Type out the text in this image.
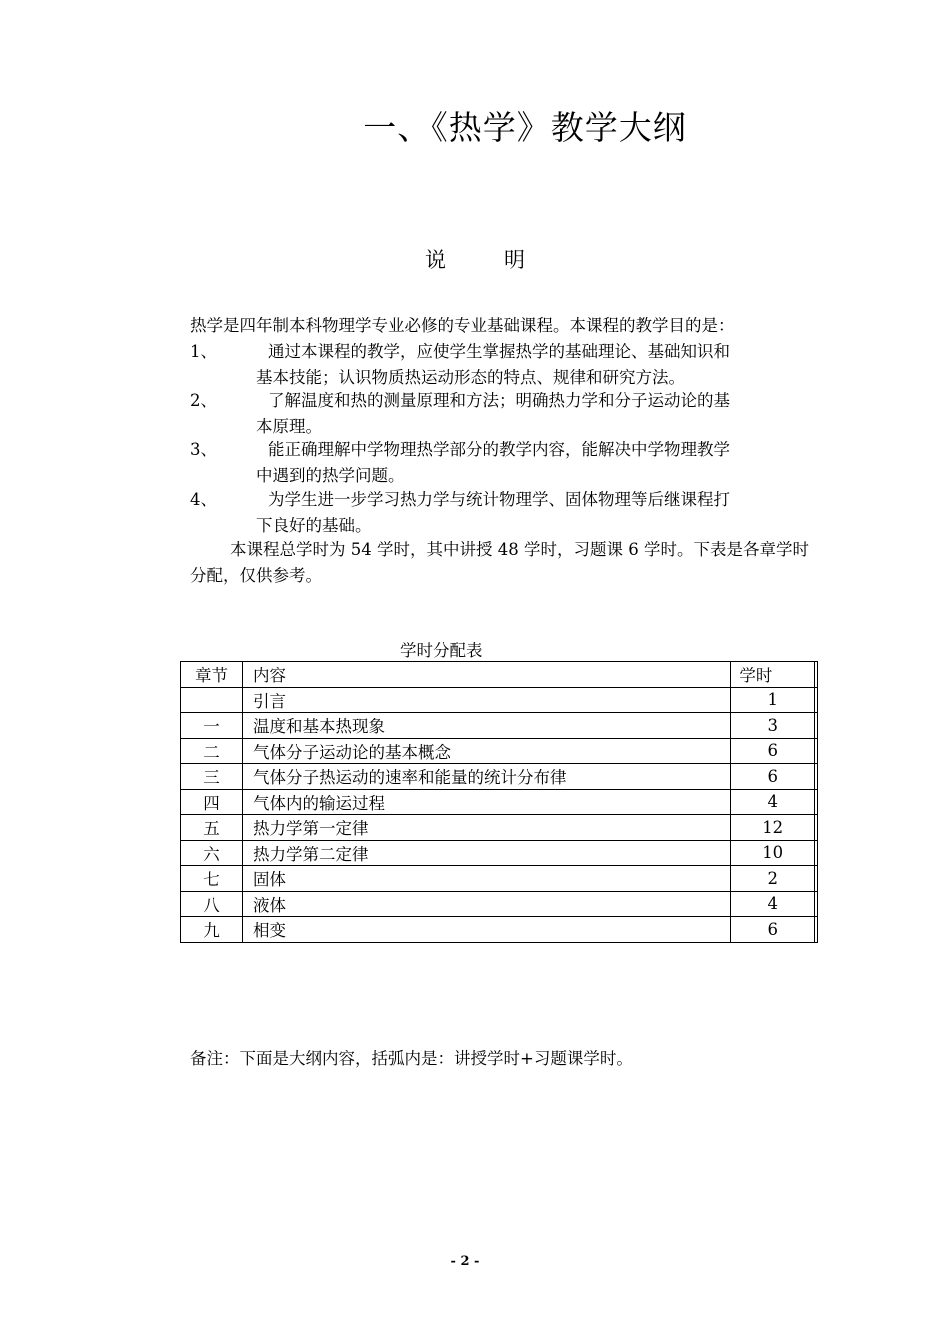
一、《热学》教学大纲
说	明
热学是四年制本科物理学专业必修的专业基础课程。本课程的教学目的是：
1、	通过本课程的教学，应使学生掌握热学的基础理论、基础知识和
基本技能；认识物质热运动形态的特点、规律和研究方法。
2、	了解温度和热的测量原理和方法；明确热力学和分子运动论的基
本原理。
3、	能正确理解中学物理热学部分的教学内容，能解决中学物理教学
中遇到的热学问题。
4、	为学生进一步学习热力学与统计物理学、固体物理等后继课程打
下良好的基础。
本课程总学时为 54 学时，其中讲授 48 学时，习题课 6 学时。下表是各章学时分配，仅供参考。
学时分配表
章节	内容	学时	
	引言	1	
一	温度和基本热现象	3	
二	气体分子运动论的基本概念	6	
三	气体分子热运动的速率和能量的统计分布律	6	
四	气体内的输运过程	4	
五	热力学第一定律	12	
六	热力学第二定律	10	
七	固体	2	
八	液体	4	
九	相变	6	
备注：下面是大纲内容，括弧内是：讲授学时+习题课学时。
- 2 -
